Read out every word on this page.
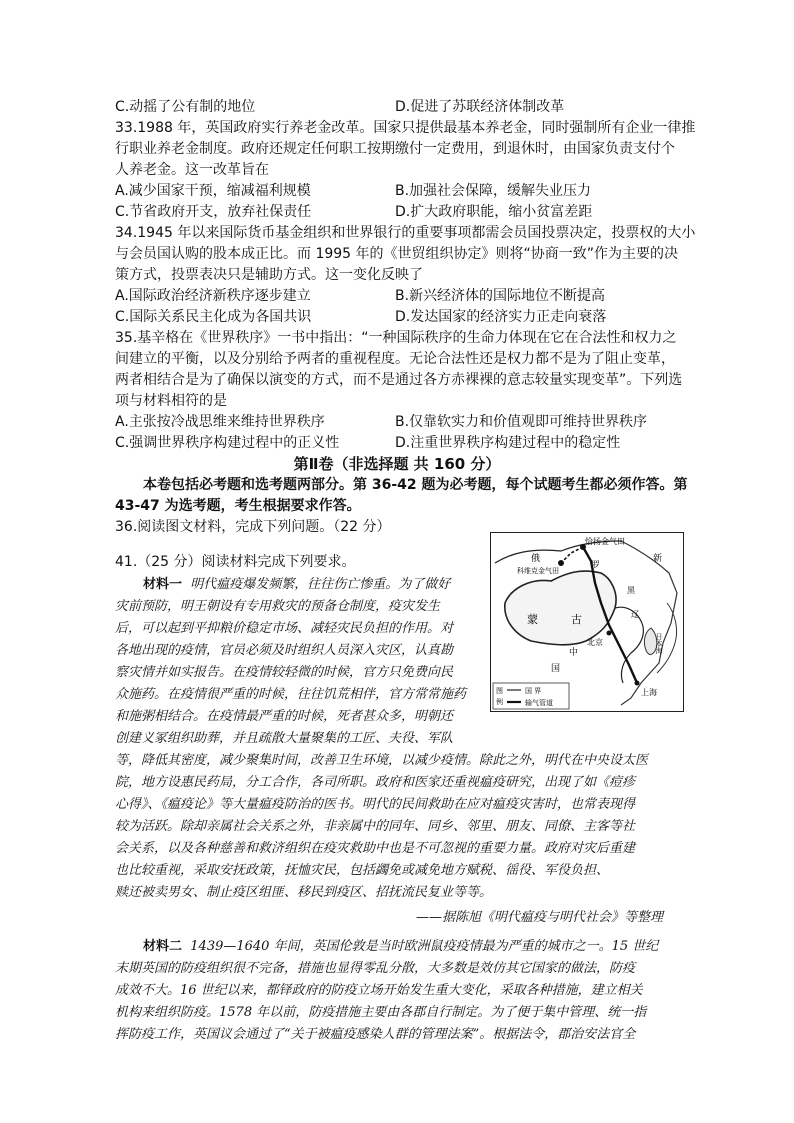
C.动摇了公有制的地位	D.促进了苏联经济体制改革
33.1988 年，英国政府实行养老金改革。国家只提供最基本养老金，同时强制所有企业一律推
行职业养老金制度。政府还规定任何职工按期缴付一定费用，到退休时，由国家负责支付个
人养老金。这一改革旨在
A.减少国家干预，缩减福利规模	B.加强社会保障，缓解失业压力
C.节省政府开支，放弃社保责任	D.扩大政府职能，缩小贫富差距
34.1945 年以来国际货币基金组织和世界银行的重要事项都需会员国投票决定，投票权的大小
与会员国认购的股本成正比。而 1995 年的《世贸组织协定》则将“协商一致”作为主要的决
策方式，投票表决只是辅助方式。这一变化反映了
A.国际政治经济新秩序逐步建立	B.新兴经济体的国际地位不断提高
C.国际关系民主化成为各国共识	D.发达国家的经济实力正走向衰落
35.基辛格在《世界秩序》一书中指出：“一种国际秩序的生命力体现在它在合法性和权力之
间建立的平衡，以及分别给予两者的重视程度。无论合法性还是权力都不是为了阻止变革，
两者相结合是为了确保以演变的方式，而不是通过各方赤裸裸的意志较量实现变革”。下列选
项与材料相符的是
A.主张按冷战思维来维持世界秩序	B.仅靠软实力和价值观即可维持世界秩序
C.强调世界秩序构建过程中的正义性	D.注重世界秩序构建过程中的稳定性
第Ⅱ卷（非选择题 共 160 分）
本卷包括必考题和选考题两部分。第 36-42 题为必考题，每个试题考生都必须作答。第
43-47 为选考题，考生根据要求作答。
36.阅读图文材料，完成下列问题。（22 分）
恰扬金气田
科维克金气田
俄
罗
新
黑
辽
蒙	古
中
国
北京
上海
日本海
图
例
国 界
输气管道
41.（25 分）阅读材料完成下列要求。
材料一 明代瘟疫爆发频繁，往往伤亡惨重。为了做好
灾前预防，明王朝设有专用救灾的预备仓制度，疫灾发生
后，可以起到平抑粮价稳定市场、减轻灾民负担的作用。对
各地出现的疫情，官员必须及时组织人员深入灾区，认真勘
察灾情并如实报告。在疫情较轻微的时候，官方只免费向民
众施药。在疫情很严重的时候，往往饥荒相伴，官方常常施药
和施粥相结合。在疫情最严重的时候，死者甚众多，明朝还
创建义冢组织助葬，并且疏散大量聚集的工匠、夫役、军队
等，降低其密度，减少聚集时间，改善卫生环境，以减少疫情。除此之外，明代在中央设太医
院，地方设惠民药局，分工合作，各司所职。政府和医家还重视瘟疫研究，出现了如《痘疹
心得》、《瘟疫论》等大量瘟疫防治的医书。明代的民间救助在应对瘟疫灾害时，也常表现得
较为活跃。除却亲属社会关系之外，非亲属中的同年、同乡、邻里、朋友、同僚、主客等社
会关系，以及各种慈善和救济组织在疫灾救助中也是不可忽视的重要力量。政府对灾后重建
也比较重视，采取安抚政策，抚恤灾民，包括蠲免或减免地方赋税、徭役、军役负担、
赎还被卖男女、制止疫区组匪、移民到疫区、招抚流民复业等等。
——据陈旭《明代瘟疫与明代社会》等整理
材料二 1439—1640 年间，英国伦敦是当时欧洲鼠疫疫情最为严重的城市之一。15 世纪
末期英国的防疫组织很不完备，措施也显得零乱分散，大多数是效仿其它国家的做法，防疫
成效不大。16 世纪以来，都铎政府的防疫立场开始发生重大变化，采取各种措施，建立相关
机构来组织防疫。1578 年以前，防疫措施主要由各郡自行制定。为了便于集中管理、统一指
挥防疫工作，英国议会通过了“关于被瘟疫感染人群的管理法案”。根据法令，郡治安法官全
